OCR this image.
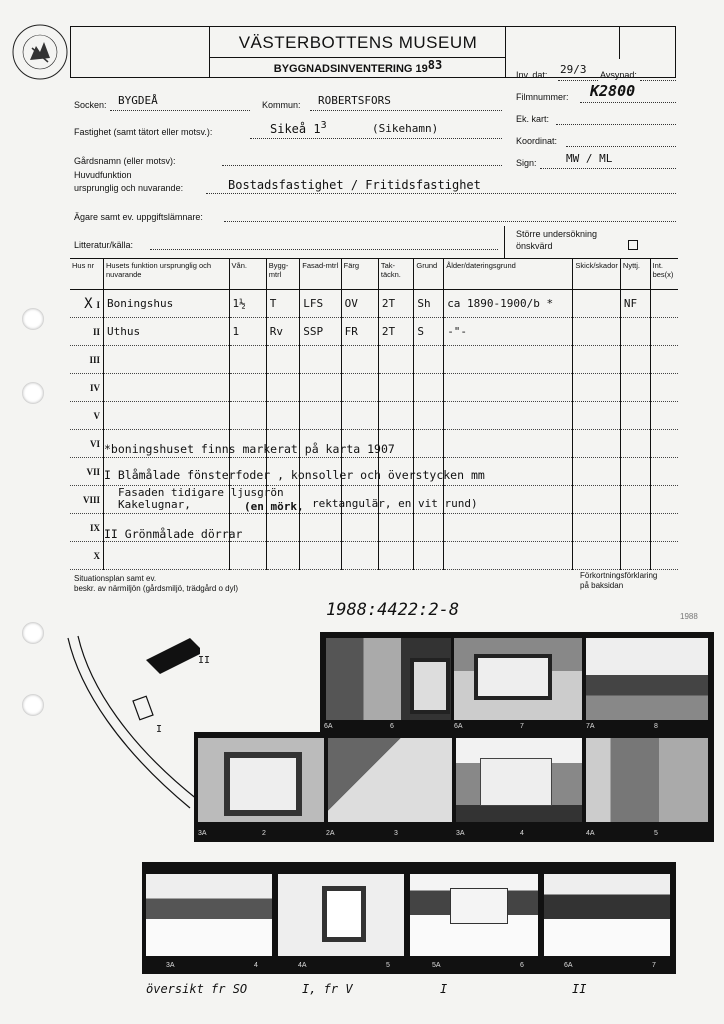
VÄSTERBOTTENS MUSEUM
BYGGNADSINVENTERING 1983
Inv. dat: 29/3 Avsynad:
Filmnummer: K2800
Ek. kart:
Koordinat:
Sign:	MW / ML
Socken: BYGDEÅ	Kommun: ROBERTSFORS
Fastighet (samt tätort eller motsv.):	Sikeå $1^3$	(Sikehamn)
Gårdsnamn (eller motsv):
Huvudfunktion
ursprunglig och nuvarande:	Bostadsfastighet / Fritidsfastighet
Ägare samt ev. uppgiftslämnare:
Litteratur/källa:
Större undersökning
önskvärd
Hus nr	Husets funktion ursprunglig och nuvarande	Vån.	Bygg-mtrl	Fasad-mtrl	Färg	Tak-täckn.	Grund	Ålder/dateringsgrund	Skick/skador	Nyttj.	Int. bes(x)
X I	Boningshus	1½	T	LFS	OV	2T	Sh	ca 1890-1900/b *		NF	
II	Uthus	1	Rv	SSP	FR	2T	S	-"-			
III											
IV											
V											
VI											
VII											
VIII											
IX											
X											
*boningshuset finns markerat på karta 1907
I Blåmålade fönsterfoder , konsoller och överstycken mm
Fasaden tidigare ljusgrön
Kakelugnar,	(en mörk, rektangulär, en vit rund)
II Grönmålade dörrar
Situationsplan samt ev.
beskr. av närmiljön (gårdsmiljö, trädgård o dyl)
Förkortningsförklaring
på baksidan
1988:4422:2-8	1988
II
I	6A	6	6A	7	7A	8
3A	2	2A	3	3A	4	4A	5
3A	4	4A	5	5A	6	6A	7
översikt fr SO	I, fr V	I	II
